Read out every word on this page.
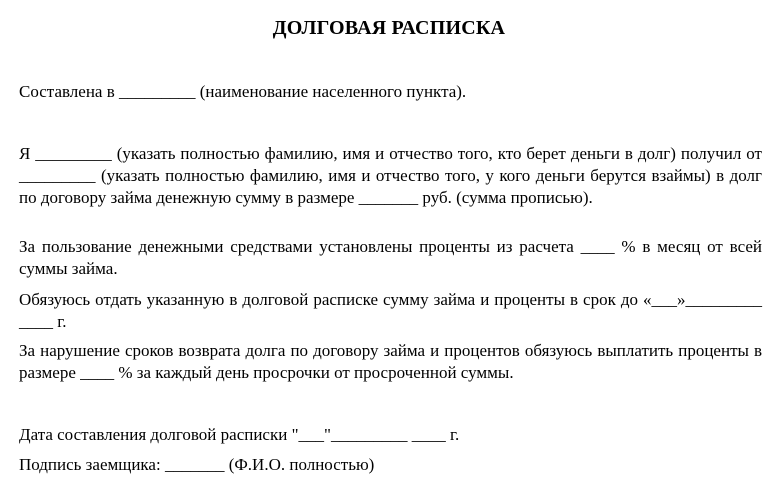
ДОЛГОВАЯ РАСПИСКА
Составлена в _________ (наименование населенного пункта).
Я _________ (указать полностью фамилию, имя и отчество того, кто берет деньги в долг) получил от _________ (указать полностью фамилию, имя и отчество того, у кого деньги берутся взаймы) в долг по договору займа денежную сумму в размере _______ руб. (сумма прописью).
За пользование денежными средствами установлены проценты из расчета ____ % в месяц от всей суммы займа.
Обязуюсь отдать указанную в долговой расписке сумму займа и проценты в срок до «___»_________ ____ г.
За нарушение сроков возврата долга по договору займа и процентов обязуюсь выплатить проценты в размере ____ % за каждый день просрочки от просроченной суммы.
Дата составления долговой расписки "___"_________ ____ г.
Подпись заемщика: _______ (Ф.И.О. полностью)
